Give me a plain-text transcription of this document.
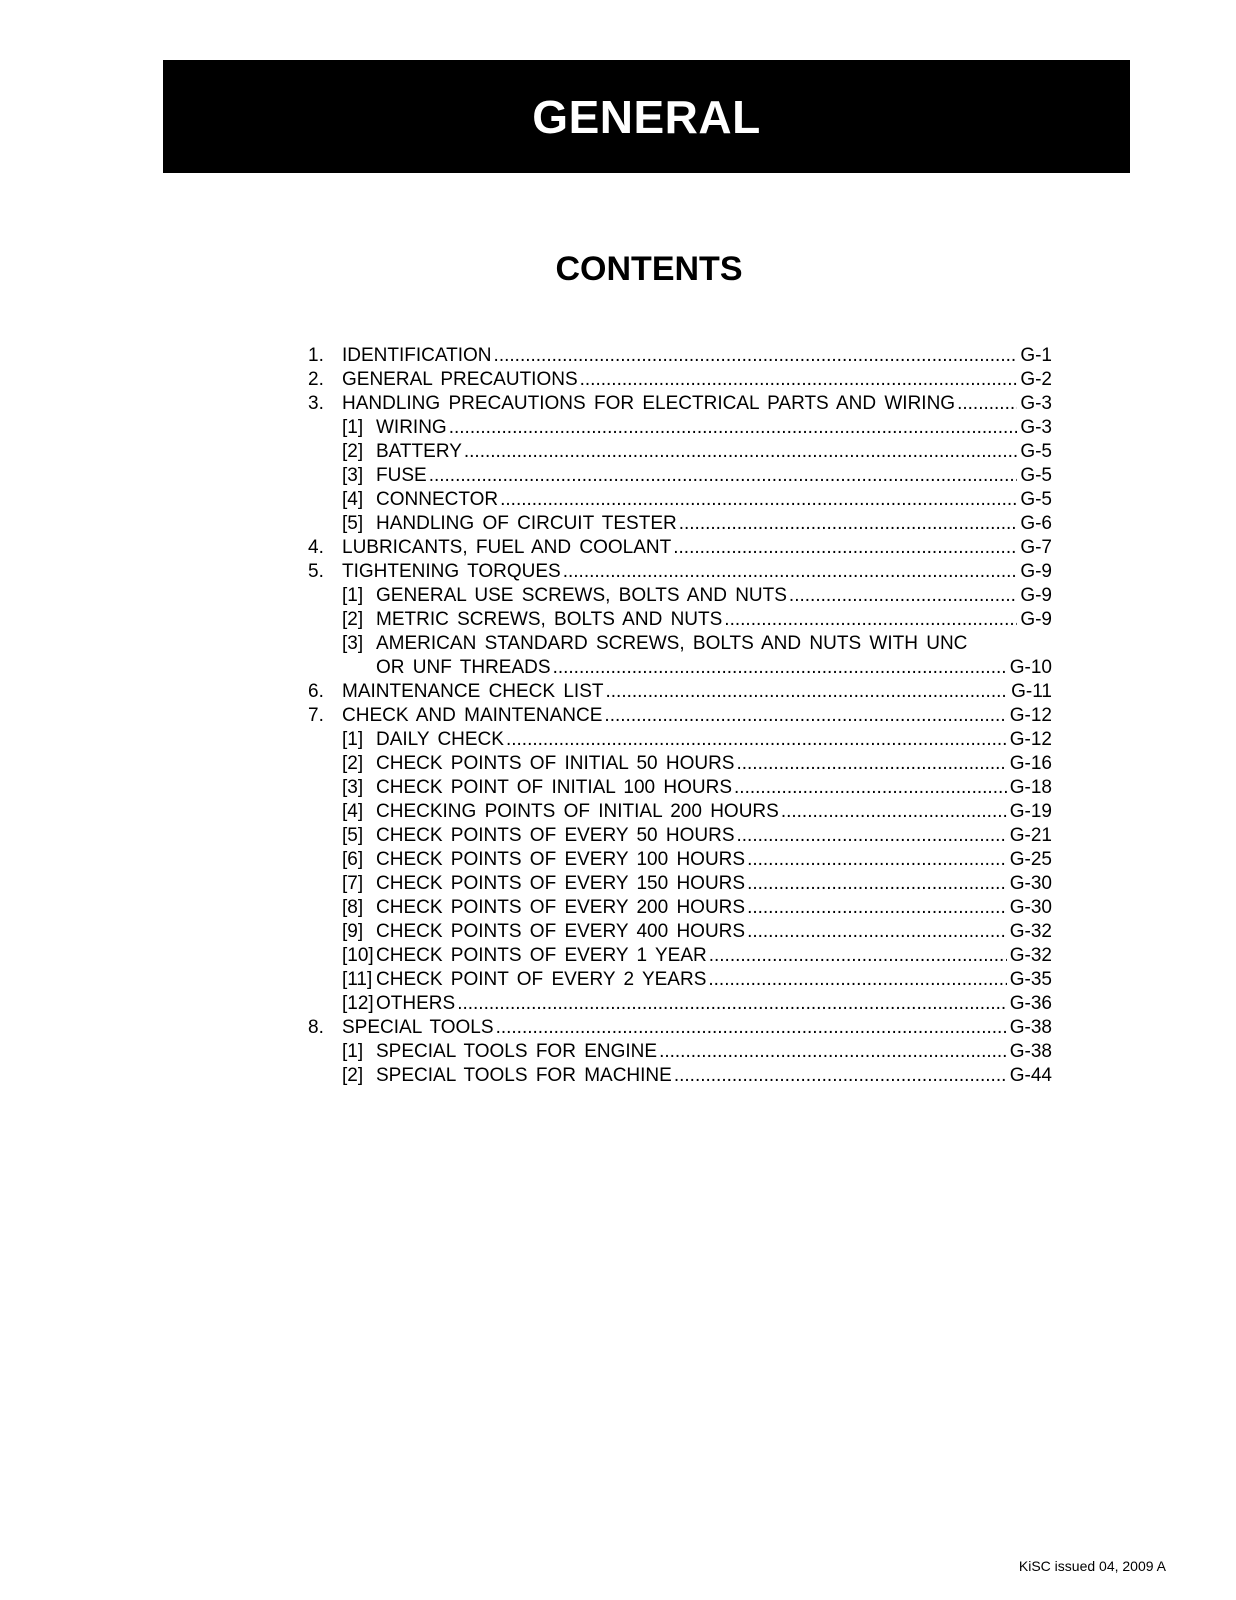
GENERAL
CONTENTS
1. IDENTIFICATION .....	G-1
2. GENERAL PRECAUTIONS .....	G-2
3. HANDLING PRECAUTIONS FOR ELECTRICAL PARTS AND WIRING .....	G-3
[1] WIRING .....	G-3
[2] BATTERY .....	G-5
[3] FUSE .....	G-5
[4] CONNECTOR .....	G-5
[5] HANDLING OF CIRCUIT TESTER .....	G-6
4. LUBRICANTS, FUEL AND COOLANT .....	G-7
5. TIGHTENING TORQUES .....	G-9
[1] GENERAL USE SCREWS, BOLTS AND NUTS .....	G-9
[2] METRIC SCREWS, BOLTS AND NUTS .....	G-9
[3] AMERICAN STANDARD SCREWS, BOLTS AND NUTS WITH UNC
OR UNF THREADS .....	G-10
6. MAINTENANCE CHECK LIST .....	G-11
7. CHECK AND MAINTENANCE .....	G-12
[1] DAILY CHECK .....	G-12
[2] CHECK POINTS OF INITIAL 50 HOURS .....	G-16
[3] CHECK POINT OF INITIAL 100 HOURS .....	G-18
[4] CHECKING POINTS OF INITIAL 200 HOURS .....	G-19
[5] CHECK POINTS OF EVERY 50 HOURS .....	G-21
[6] CHECK POINTS OF EVERY 100 HOURS .....	G-25
[7] CHECK POINTS OF EVERY 150 HOURS .....	G-30
[8] CHECK POINTS OF EVERY 200 HOURS .....	G-30
[9] CHECK POINTS OF EVERY 400 HOURS .....	G-32
[10] CHECK POINTS OF EVERY 1 YEAR .....	G-32
[11] CHECK POINT OF EVERY 2 YEARS .....	G-35
[12] OTHERS .....	G-36
8. SPECIAL TOOLS .....	G-38
[1] SPECIAL TOOLS FOR ENGINE .....	G-38
[2] SPECIAL TOOLS FOR MACHINE .....	G-44
KiSC issued 04, 2009 A
